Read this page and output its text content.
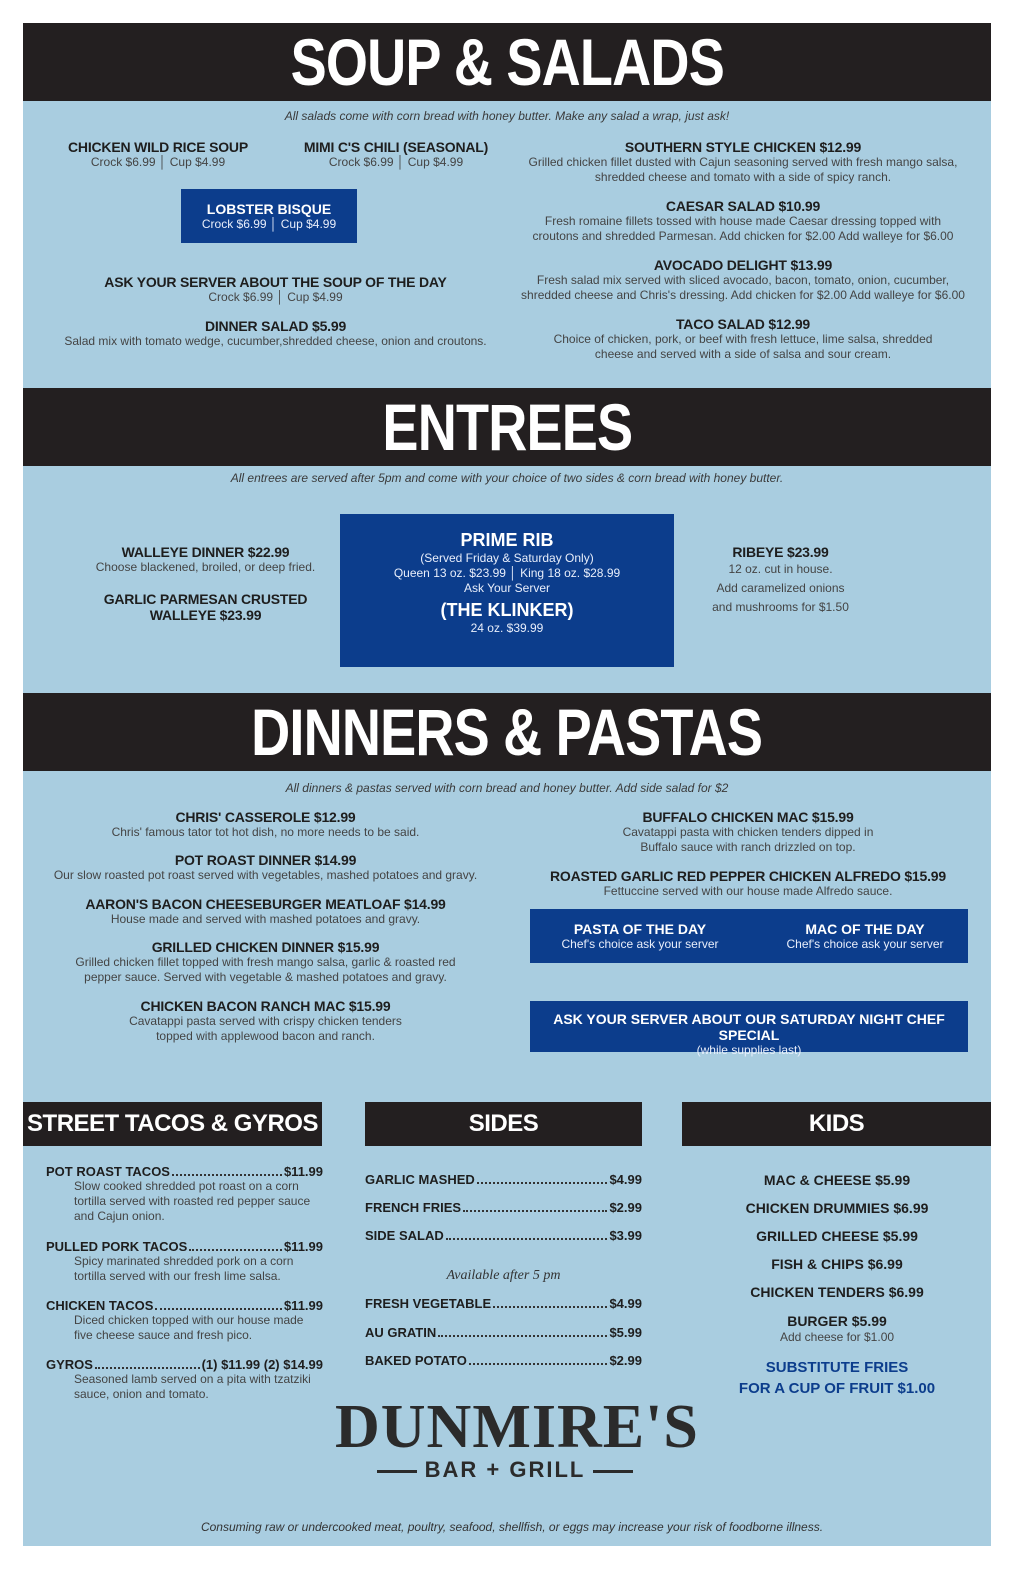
SOUP & SALADS
All salads come with corn bread with honey butter. Make any salad a wrap, just ask!
CHICKEN WILD RICE SOUP
Crock $6.99 │ Cup $4.99
MIMI C'S CHILI (SEASONAL)
Crock $6.99 │ Cup $4.99
LOBSTER BISQUE
Crock $6.99 │ Cup $4.99
ASK YOUR SERVER ABOUT THE SOUP OF THE DAY
Crock $6.99 │ Cup $4.99
DINNER SALAD $5.99
Salad mix with tomato wedge, cucumber,shredded cheese, onion and croutons.
SOUTHERN STYLE CHICKEN $12.99
Grilled chicken fillet dusted with Cajun seasoning served with fresh mango salsa, shredded cheese and tomato with a side of spicy ranch.
CAESAR SALAD $10.99
Fresh romaine fillets tossed with house made Caesar dressing topped with croutons and shredded Parmesan. Add chicken for $2.00 Add walleye for $6.00
AVOCADO DELIGHT $13.99
Fresh salad mix served with sliced avocado, bacon, tomato, onion, cucumber, shredded cheese and Chris's dressing. Add chicken for $2.00 Add walleye for $6.00
TACO SALAD $12.99
Choice of chicken, pork, or beef with fresh lettuce, lime salsa, shredded cheese and served with a side of salsa and sour cream.
ENTREES
All entrees are served after 5pm and come with your choice of two sides & corn bread with honey butter.
WALLEYE DINNER $22.99
Choose blackened, broiled, or deep fried.
GARLIC PARMESAN CRUSTED WALLEYE $23.99
PRIME RIB
(Served Friday & Saturday Only)
Queen 13 oz. $23.99 │ King 18 oz. $28.99
Ask Your Server
(THE KLINKER)
24 oz. $39.99
RIBEYE $23.99
12 oz. cut in house.
Add caramelized onions
and mushrooms for $1.50
DINNERS & PASTAS
All dinners & pastas served with corn bread and honey butter. Add side salad for $2
CHRIS' CASSEROLE $12.99
Chris' famous tator tot hot dish, no more needs to be said.
POT ROAST DINNER $14.99
Our slow roasted pot roast served with vegetables, mashed potatoes and gravy.
AARON'S BACON CHEESEBURGER MEATLOAF $14.99
House made and served with mashed potatoes and gravy.
GRILLED CHICKEN DINNER $15.99
Grilled chicken fillet topped with fresh mango salsa, garlic & roasted red pepper sauce. Served with vegetable & mashed potatoes and gravy.
CHICKEN BACON RANCH MAC $15.99
Cavatappi pasta served with crispy chicken tenders topped with applewood bacon and ranch.
BUFFALO CHICKEN MAC $15.99
Cavatappi pasta with chicken tenders dipped in Buffalo sauce with ranch drizzled on top.
ROASTED GARLIC RED PEPPER CHICKEN ALFREDO $15.99
Fettuccine served with our house made Alfredo sauce.
PASTA OF THE DAY
Chef's choice ask your server
MAC OF THE DAY
Chef's choice ask your server
ASK YOUR SERVER ABOUT OUR SATURDAY NIGHT CHEF SPECIAL
(while supplies last)
STREET TACOS & GYROS	SIDES	KIDS
POT ROAST TACOS	$11.99
Slow cooked shredded pot roast on a corn tortilla served with roasted red pepper sauce and Cajun onion.
PULLED PORK TACOS	$11.99
Spicy marinated shredded pork on a corn tortilla served with our fresh lime salsa.
CHICKEN TACOS	$11.99
Diced chicken topped with our house made five cheese sauce and fresh pico.
GYROS	(1) $11.99 (2) $14.99
Seasoned lamb served on a pita with tzatziki sauce, onion and tomato.
GARLIC MASHED	$4.99
FRENCH FRIES	$2.99
SIDE SALAD	$3.99
Available after 5 pm
FRESH VEGETABLE	$4.99
AU GRATIN	$5.99
BAKED POTATO	$2.99
MAC & CHEESE $5.99
CHICKEN DRUMMIES $6.99
GRILLED CHEESE $5.99
FISH & CHIPS $6.99
CHICKEN TENDERS $6.99
BURGER $5.99
Add cheese for $1.00
SUBSTITUTE FRIES
FOR A CUP OF FRUIT $1.00
DUNMIRE'S
BAR + GRILL
Consuming raw or undercooked meat, poultry, seafood, shellfish, or eggs may increase your risk of foodborne illness.
